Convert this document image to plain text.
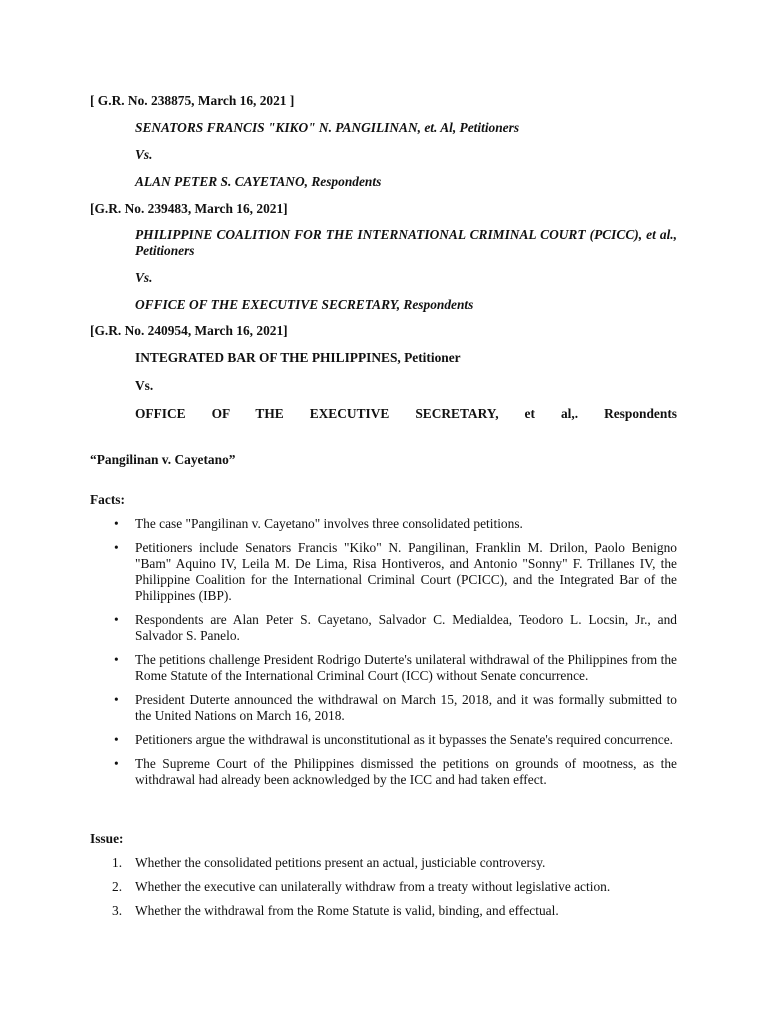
[ G.R. No. 238875, March 16, 2021 ]
SENATORS FRANCIS "KIKO" N. PANGILINAN, et. Al, Petitioners
Vs.
ALAN PETER S. CAYETANO, Respondents
[G.R. No. 239483, March 16, 2021]
PHILIPPINE COALITION FOR THE INTERNATIONAL CRIMINAL COURT (PCICC), et al., Petitioners
Vs.
OFFICE OF THE EXECUTIVE SECRETARY, Respondents
[G.R. No. 240954, March 16, 2021]
INTEGRATED BAR OF THE PHILIPPINES, Petitioner
Vs.
OFFICE OF THE EXECUTIVE SECRETARY, et al,. Respondents
“Pangilinan v. Cayetano”
Facts:
• The case "Pangilinan v. Cayetano" involves three consolidated petitions.
• Petitioners include Senators Francis "Kiko" N. Pangilinan, Franklin M. Drilon, Paolo Benigno "Bam" Aquino IV, Leila M. De Lima, Risa Hontiveros, and Antonio "Sonny" F. Trillanes IV, the Philippine Coalition for the International Criminal Court (PCICC), and the Integrated Bar of the Philippines (IBP).
• Respondents are Alan Peter S. Cayetano, Salvador C. Medialdea, Teodoro L. Locsin, Jr., and Salvador S. Panelo.
• The petitions challenge President Rodrigo Duterte's unilateral withdrawal of the Philippines from the Rome Statute of the International Criminal Court (ICC) without Senate concurrence.
• President Duterte announced the withdrawal on March 15, 2018, and it was formally submitted to the United Nations on March 16, 2018.
• Petitioners argue the withdrawal is unconstitutional as it bypasses the Senate's required concurrence.
• The Supreme Court of the Philippines dismissed the petitions on grounds of mootness, as the withdrawal had already been acknowledged by the ICC and had taken effect.
Issue:
1. Whether the consolidated petitions present an actual, justiciable controversy.
2. Whether the executive can unilaterally withdraw from a treaty without legislative action.
3. Whether the withdrawal from the Rome Statute is valid, binding, and effectual.
